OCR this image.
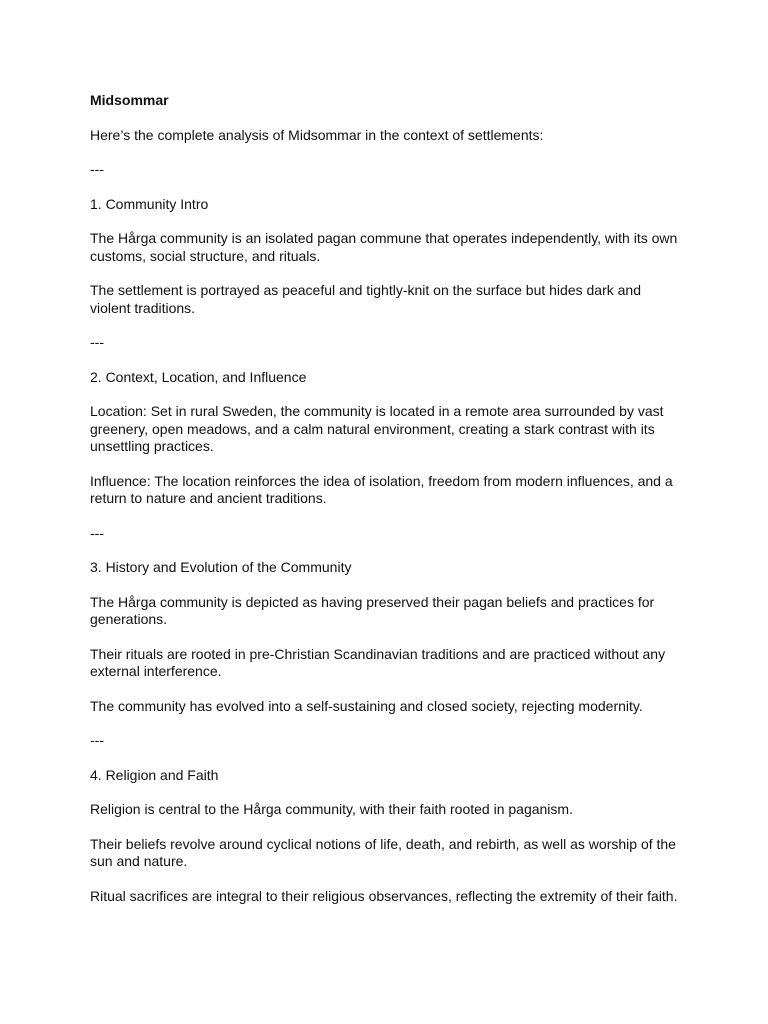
Midsommar

Here’s the complete analysis of Midsommar in the context of settlements:

---

1. Community Intro

The Hårga community is an isolated pagan commune that operates independently, with its own customs, social structure, and rituals.

The settlement is portrayed as peaceful and tightly-knit on the surface but hides dark and violent traditions.

---

2. Context, Location, and Influence

Location: Set in rural Sweden, the community is located in a remote area surrounded by vast greenery, open meadows, and a calm natural environment, creating a stark contrast with its unsettling practices.

Influence: The location reinforces the idea of isolation, freedom from modern influences, and a return to nature and ancient traditions.

---

3. History and Evolution of the Community

The Hårga community is depicted as having preserved their pagan beliefs and practices for generations.

Their rituals are rooted in pre-Christian Scandinavian traditions and are practiced without any external interference.

The community has evolved into a self-sustaining and closed society, rejecting modernity.

---

4. Religion and Faith

Religion is central to the Hårga community, with their faith rooted in paganism.

Their beliefs revolve around cyclical notions of life, death, and rebirth, as well as worship of the sun and nature.

Ritual sacrifices are integral to their religious observances, reflecting the extremity of their faith.
